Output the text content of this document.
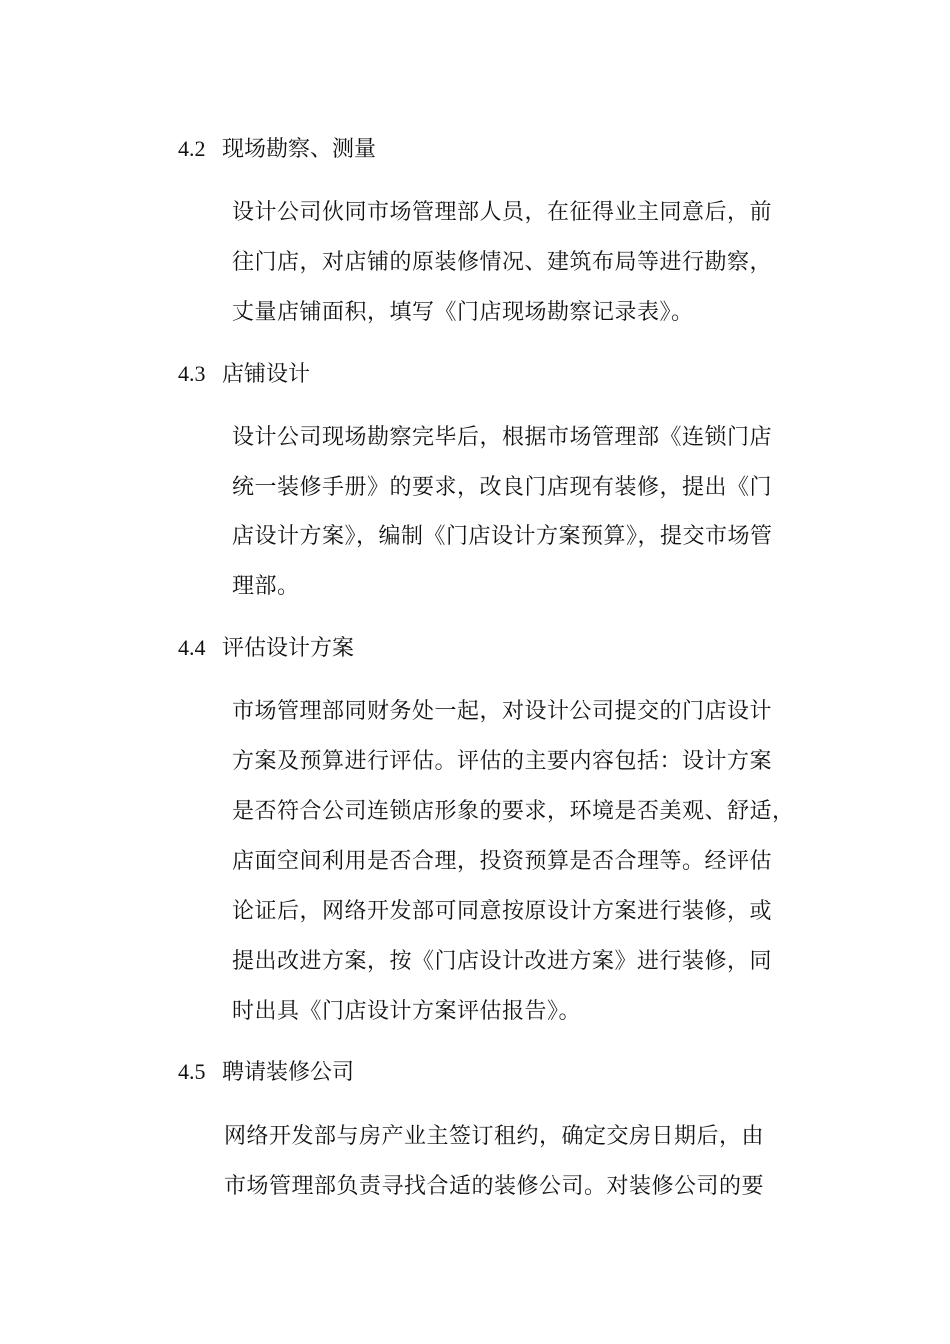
4.2 现场勘察、测量
设计公司伙同市场管理部人员，在征得业主同意后，前
往门店，对店铺的原装修情况、建筑布局等进行勘察，
丈量店铺面积，填写《门店现场勘察记录表》。
4.3 店铺设计
设计公司现场勘察完毕后，根据市场管理部《连锁门店
统一装修手册》的要求，改良门店现有装修，提出《门
店设计方案》，编制《门店设计方案预算》，提交市场管
理部。
4.4 评估设计方案
市场管理部同财务处一起，对设计公司提交的门店设计
方案及预算进行评估。评估的主要内容包括：设计方案
是否符合公司连锁店形象的要求，环境是否美观、舒适，
店面空间利用是否合理，投资预算是否合理等。经评估
论证后，网络开发部可同意按原设计方案进行装修，或
提出改进方案，按《门店设计改进方案》进行装修，同
时出具《门店设计方案评估报告》。
4.5 聘请装修公司
网络开发部与房产业主签订租约，确定交房日期后，由
市场管理部负责寻找合适的装修公司。对装修公司的要
